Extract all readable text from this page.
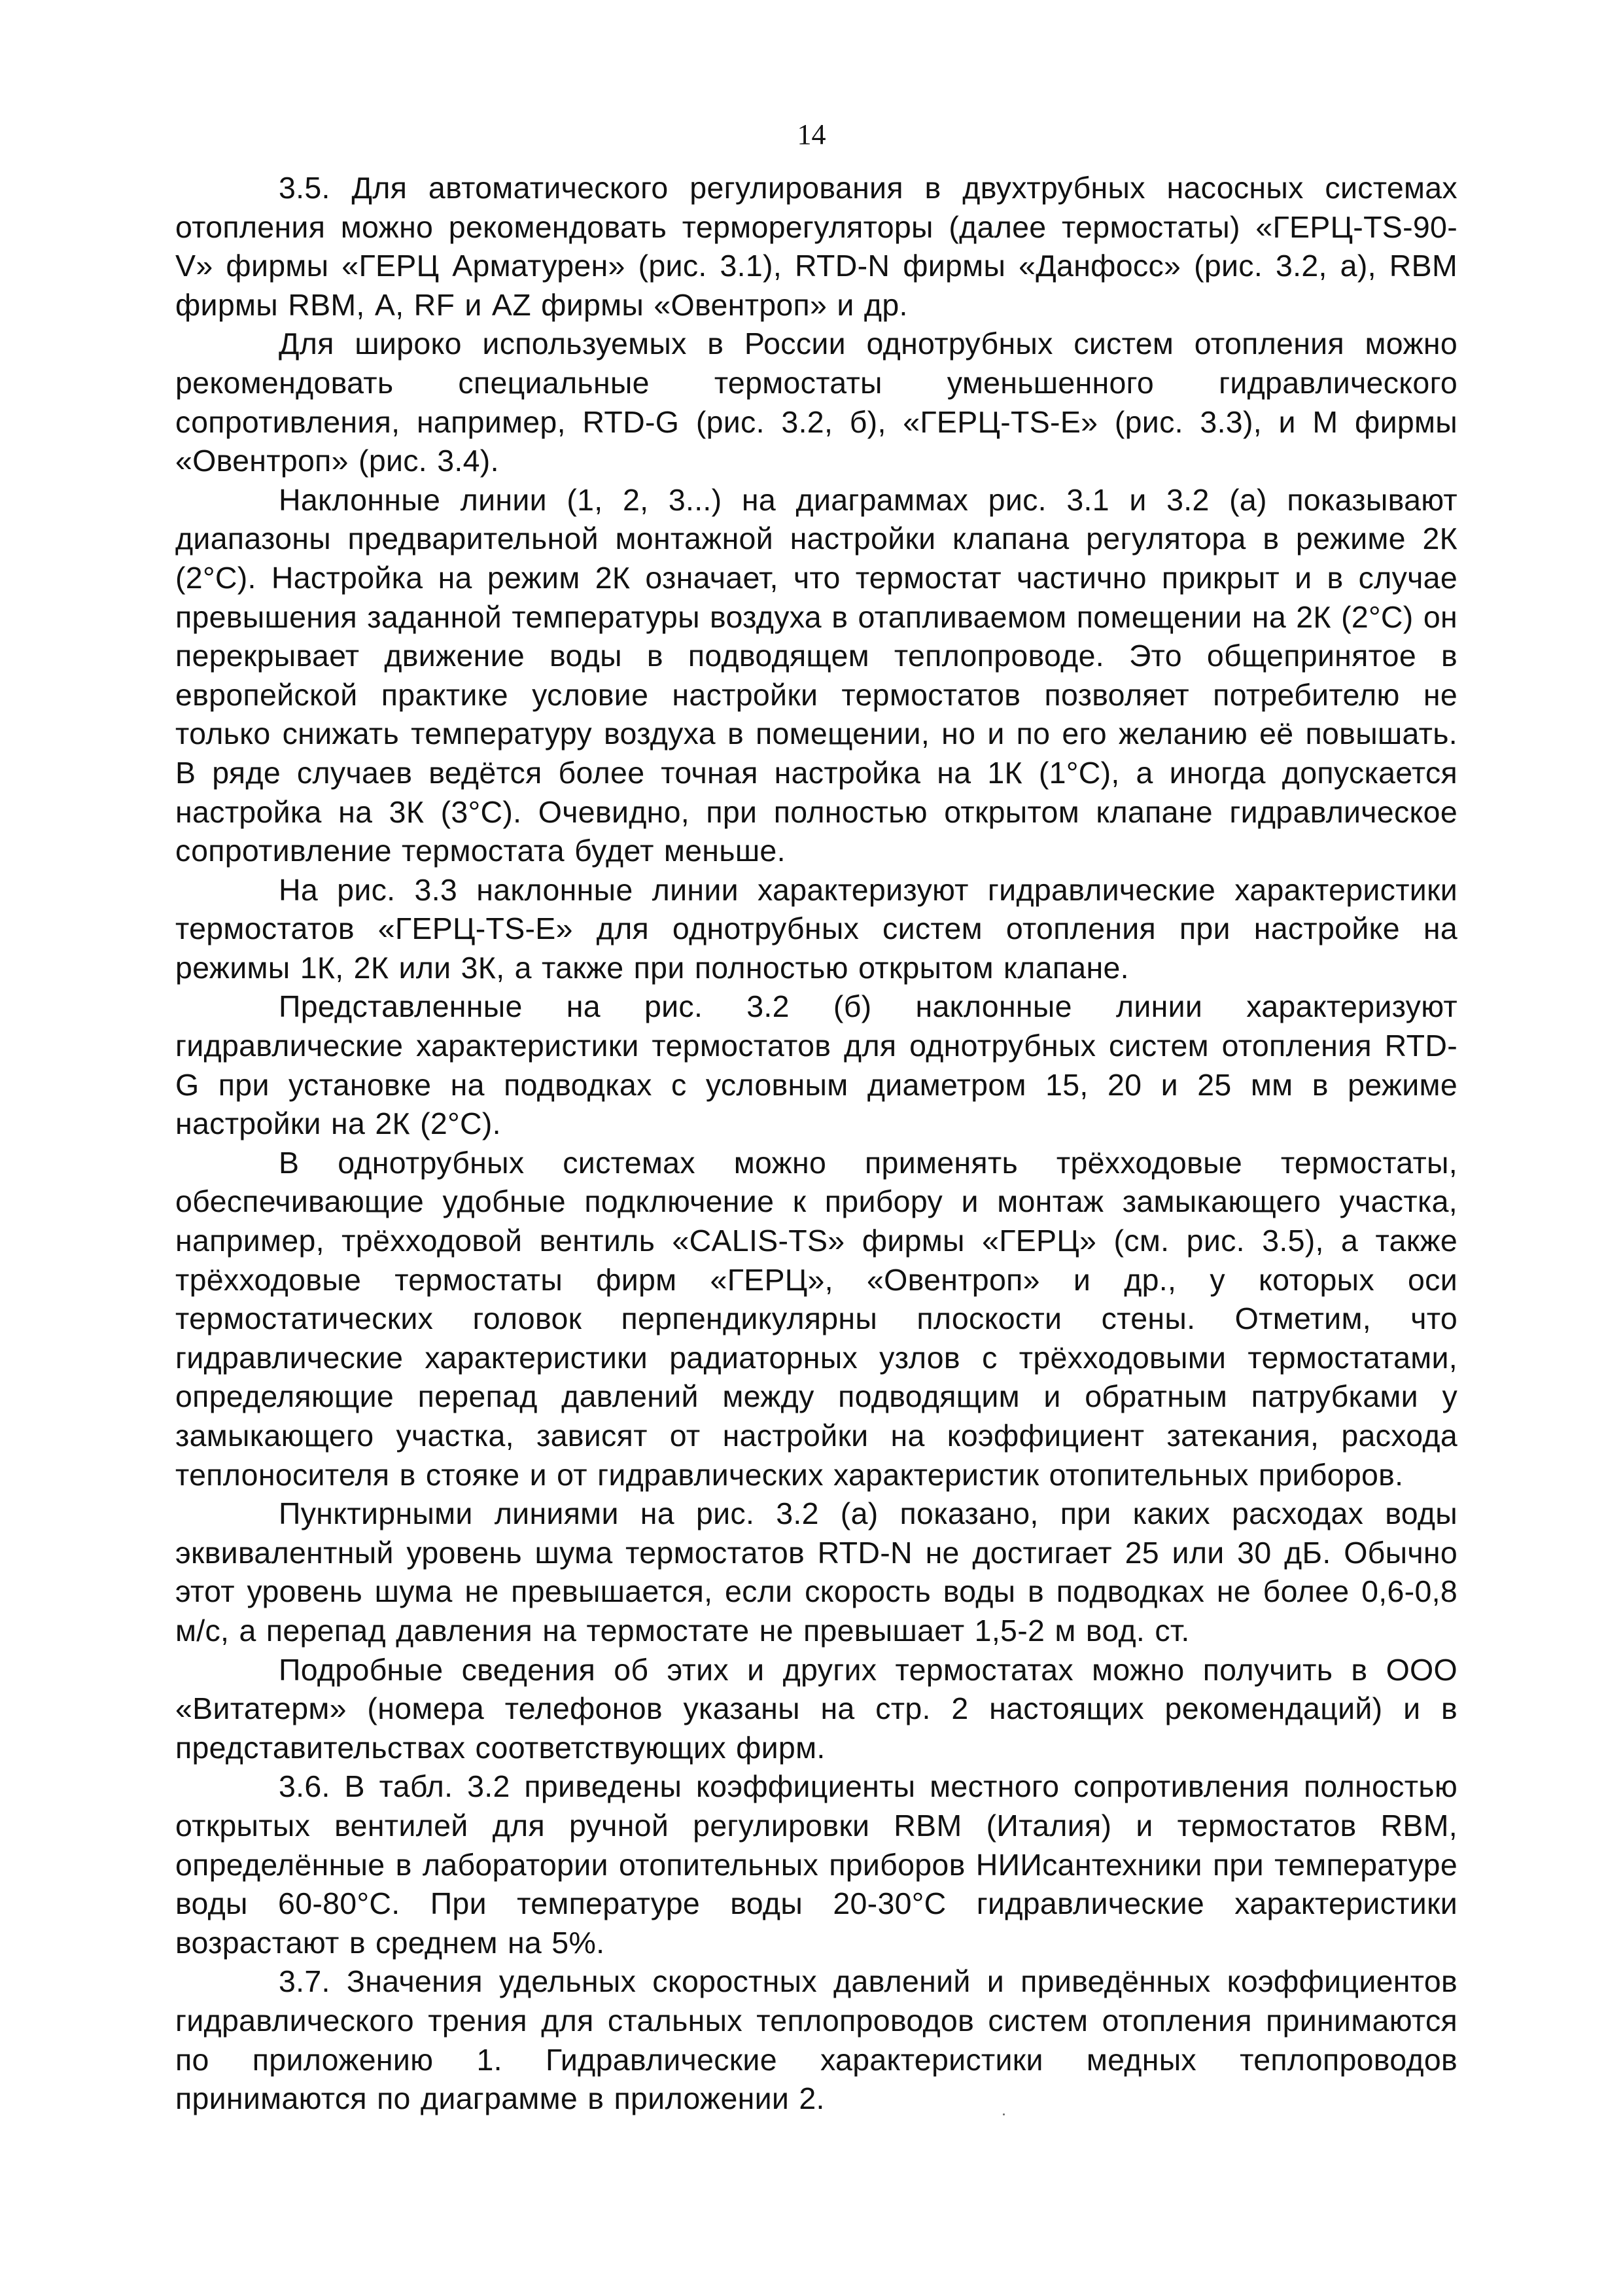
14

3.5. Для автоматического регулирования в двухтрубных насосных системах отопления можно рекомендовать терморегуляторы (далее термостаты) «ГЕРЦ-TS-90-V» фирмы «ГЕРЦ Арматурен» (рис. 3.1), RTD-N фирмы «Данфосс» (рис. 3.2, а), RBM фирмы RBM, А, RF и AZ фирмы «Овентроп» и др.

Для широко используемых в России однотрубных систем отопления можно рекомендовать специальные термостаты уменьшенного гидравлического сопротивления, например, RTD-G (рис. 3.2, б), «ГЕРЦ-TS-E» (рис. 3.3), и М фирмы «Овентроп» (рис. 3.4).

Наклонные линии (1, 2, 3...) на диаграммах рис. 3.1 и 3.2 (а) показывают диапазоны предварительной монтажной настройки клапана регулятора в режиме 2К (2°С). Настройка на режим 2К означает, что термостат частично прикрыт и в случае превышения заданной температуры воздуха в отапливаемом помещении на 2К (2°С) он перекрывает движение воды в подводящем теплопроводе. Это общепринятое в европейской практике условие настройки термостатов позволяет потребителю не только снижать температуру воздуха в помещении, но и по его желанию её повышать. В ряде случаев ведётся более точная настройка на 1К (1°С), а иногда допускается настройка на 3К (3°С). Очевидно, при полностью открытом клапане гидравлическое сопротивление термостата будет меньше.

На рис. 3.3 наклонные линии характеризуют гидравлические характеристики термостатов «ГЕРЦ-TS-E» для однотрубных систем отопления при настройке на режимы 1К, 2К или 3К, а также при полностью открытом клапане.

Представленные на рис. 3.2 (б) наклонные линии характеризуют гидравлические характеристики термостатов для однотрубных систем отопления RTD-G при установке на подводках с условным диаметром 15, 20 и 25 мм в режиме настройки на 2К (2°С).

В однотрубных системах можно применять трёхходовые термостаты, обеспечивающие удобные подключение к прибору и монтаж замыкающего участка, например, трёхходовой вентиль «CALIS-TS» фирмы «ГЕРЦ» (см. рис. 3.5), а также трёхходовые термостаты фирм «ГЕРЦ», «Овентроп» и др., у которых оси термостатических головок перпендикулярны плоскости стены. Отметим, что гидравлические характеристики радиаторных узлов с трёхходовыми термостатами, определяющие перепад давлений между подводящим и обратным патрубками у замыкающего участка, зависят от настройки на коэффициент затекания, расхода теплоносителя в стояке и от гидравлических характеристик отопительных приборов.

Пунктирными линиями на рис. 3.2 (а) показано, при каких расходах воды эквивалентный уровень шума термостатов RTD-N не достигает 25 или 30 дБ. Обычно этот уровень шума не превышается, если скорость воды в подводках не более 0,6-0,8 м/с, а перепад давления на термостате не превышает 1,5-2 м вод. ст.

Подробные сведения об этих и других термостатах можно получить в ООО «Витатерм» (номера телефонов указаны на стр. 2 настоящих рекомендаций) и в представительствах соответствующих фирм.

3.6. В табл. 3.2 приведены коэффициенты местного сопротивления полностью открытых вентилей для ручной регулировки RBM (Италия) и термостатов RBM, определённые в лаборатории отопительных приборов НИИсантехники при температуре воды 60-80°С. При температуре воды 20-30°С гидравлические характеристики возрастают в среднем на 5%.

3.7. Значения удельных скоростных давлений и приведённых коэффициентов гидравлического трения для стальных теплопроводов систем отопления принимаются по приложению 1. Гидравлические характеристики медных теплопроводов принимаются по диаграмме в приложении 2.
